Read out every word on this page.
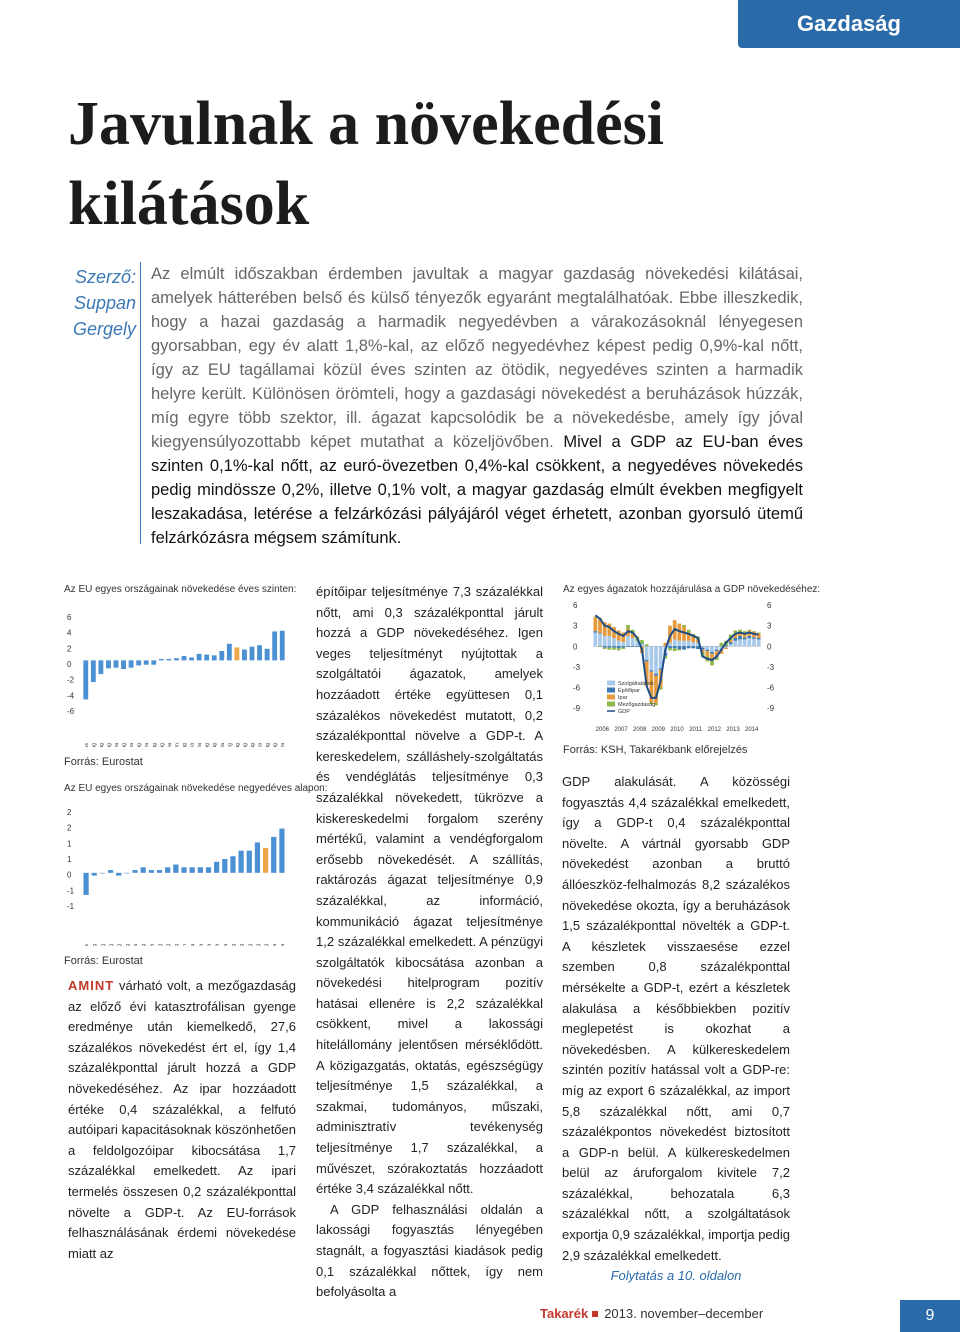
Gazdaság
Javulnak a növekedési
kilátások
Szerző:
Suppan
Gergely

Az elmúlt időszakban érdemben javultak a magyar gazdaság növekedési kilátásai, amelyek hátterében belső és külső tényezők egyaránt megtalálhatóak. Ebbe illeszkedik, hogy a hazai gazdaság a harmadik negyedévben a várakozásoknál lényegesen gyorsabban, egy év alatt 1,8%-kal, az előző negyedévhez képest pedig 0,9%-kal nőtt, így az EU tagállamai közül éves szinten az ötödik, negyedéves szinten a harmadik helyre került. Különösen örömteli, hogy a gazdasági növekedést a beruházások húzzák, míg egyre több szektor, ill. ágazat kapcsolódik be a növekedésbe, amely így jóval kiegyensúlyozottabb képet mutathat a közeljövőben. Mivel a GDP az EU-ban éves szinten 0,1%-kal nőtt, az euró-övezetben 0,4%-kal csökkent, a negyedéves növekedés pedig mindössze 0,2%, illetve 0,1% volt, a magyar gazdaság elmúlt években megfigyelt leszakadása, letérése a felzárkózási pályájáról véget érhetett, azonban gyorsuló ütemű felzárkózásra mégsem számítunk.

Az EU egyes országainak növekedése éves szinten:
6
4
2
0
-2
-4
-6
Forrás: Eurostat
Az EU egyes országainak növekedése negyedéves alapon:
2
2
1
1
0
-1
-1
Forrás: Eurostat
Az egyes ágazatok hozzájárulása a GDP növekedéséhez:
6	6
3	3
0	0
-3	-3
-6	-6
-9	-9
2006 2007 2008 2009 2010 2011 2012 2013 2014
Szolgáltatások
Építőipar
Ipar
Mezőgazdaság
GDP
Forrás: KSH, Takarékbank előrejelzés

AMINT várható volt, a mezőgazdaság az előző évi katasztrofálisan gyenge eredménye után kiemelkedő, 27,6 százalékos növekedést ért el, így 1,4 százalékponttal járult hozzá a GDP növekedéséhez. Az ipar hozzáadott értéke 0,4 százalékkal, a felfutó autóipari kapacitásoknak köszönhetően a feldolgozóipar kibocsátása 1,7 százalékkal emelkedett. Az ipari termelés összesen 0,2 százalékponttal növelte a GDP-t. Az EU-források felhasználásának érdemi növekedése miatt az

építőipar teljesítménye 7,3 százalékkal nőtt, ami 0,3 százalékponttal járult hozzá a GDP növekedéséhez. Igen veges teljesítményt nyújtottak a szolgáltatói ágazatok, amelyek hozzáadott értéke együttesen 0,1 százalékos növekedést mutatott, 0,2 százalékponttal növelve a GDP-t. A kereskedelem, szálláshely-szolgáltatás és vendéglátás teljesítménye 0,3 százalékkal növekedett, tükrözve a kiskereskedelmi forgalom szerény mértékű, valamint a vendégforgalom erősebb növekedését. A szállítás, raktározás ágazat teljesítménye 0,9 százalékkal, az információ, kommunikáció ágazat teljesítménye 1,2 százalékkal emelkedett. A pénzügyi szolgáltatók kibocsátása azonban a növekedési hitelprogram pozitív hatásai ellenére is 2,2 százalékkal csökkent, mivel a lakossági hitelállomány jelentősen mérséklődött. A közigazgatás, oktatás, egészségügy teljesítménye 1,5 százalékkal, a szakmai, tudományos, műszaki, adminisztratív tevékenység teljesítménye 1,7 százalékkal, a művészet, szórakoztatás hozzáadott értéke 3,4 százalékkal nőtt.

A GDP felhasználási oldalán a lakossági fogyasztás lényegében stagnált, a fogyasztási kiadások pedig 0,1 százalékkal nőttek, így nem befolyásolta a

GDP alakulását. A közösségi fogyasztás 4,4 százalékkal emelkedett, így a GDP-t 0,4 százalékponttal növelte. A vártnál gyorsabb GDP növekedést azonban a bruttó állóeszköz-felhalmozás 8,2 százalékos növekedése okozta, így a beruházások 1,5 százalékponttal növelték a GDP-t. A készletek visszaesése ezzel szemben 0,8 százalékponttal mérsékelte a GDP-t, ezért a készletek alakulása a későbbiekben pozitív meglepetést is okozhat a növekedésben. A külkereskedelem szintén pozitív hatással volt a GDP-re: míg az export 6 százalékkal, az import 5,8 százalékkal nőtt, ami 0,7 százalékpontos növekedést biztosított a GDP-n belül. A külkereskedelmen belül az áruforgalom kivitele 7,2 százalékkal, behozatala 6,3 százalékkal nőtt, a szolgáltatások exportja 0,9 százalékkal, importja pedig 2,9 százalékkal emelkedett.

Folytatás a 10. oldalon

Takarék 2013. november–december	9
